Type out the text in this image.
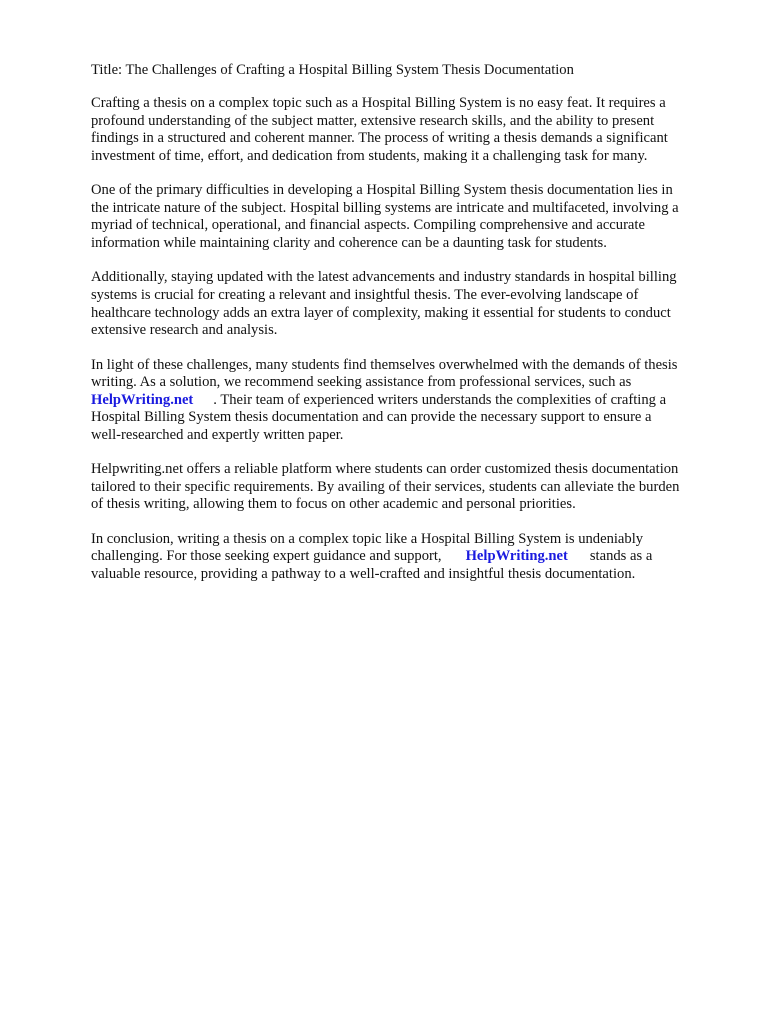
Title: The Challenges of Crafting a Hospital Billing System Thesis Documentation
Crafting a thesis on a complex topic such as a Hospital Billing System is no easy feat. It requires a
profound understanding of the subject matter, extensive research skills, and the ability to present
findings in a structured and coherent manner. The process of writing a thesis demands a significant
investment of time, effort, and dedication from students, making it a challenging task for many.
One of the primary difficulties in developing a Hospital Billing System thesis documentation lies in
the intricate nature of the subject. Hospital billing systems are intricate and multifaceted, involving a
myriad of technical, operational, and financial aspects. Compiling comprehensive and accurate
information while maintaining clarity and coherence can be a daunting task for students.
Additionally, staying updated with the latest advancements and industry standards in hospital billing
systems is crucial for creating a relevant and insightful thesis. The ever-evolving landscape of
healthcare technology adds an extra layer of complexity, making it essential for students to conduct
extensive research and analysis.
In light of these challenges, many students find themselves overwhelmed with the demands of thesis
writing. As a solution, we recommend seeking assistance from professional services, such as
HelpWriting.net . Their team of experienced writers understands the complexities of crafting a
Hospital Billing System thesis documentation and can provide the necessary support to ensure a
well-researched and expertly written paper.
Helpwriting.net offers a reliable platform where students can order customized thesis documentation
tailored to their specific requirements. By availing of their services, students can alleviate the burden
of thesis writing, allowing them to focus on other academic and personal priorities.
In conclusion, writing a thesis on a complex topic like a Hospital Billing System is undeniably
challenging. For those seeking expert guidance and support, HelpWriting.net stands as a
valuable resource, providing a pathway to a well-crafted and insightful thesis documentation.
